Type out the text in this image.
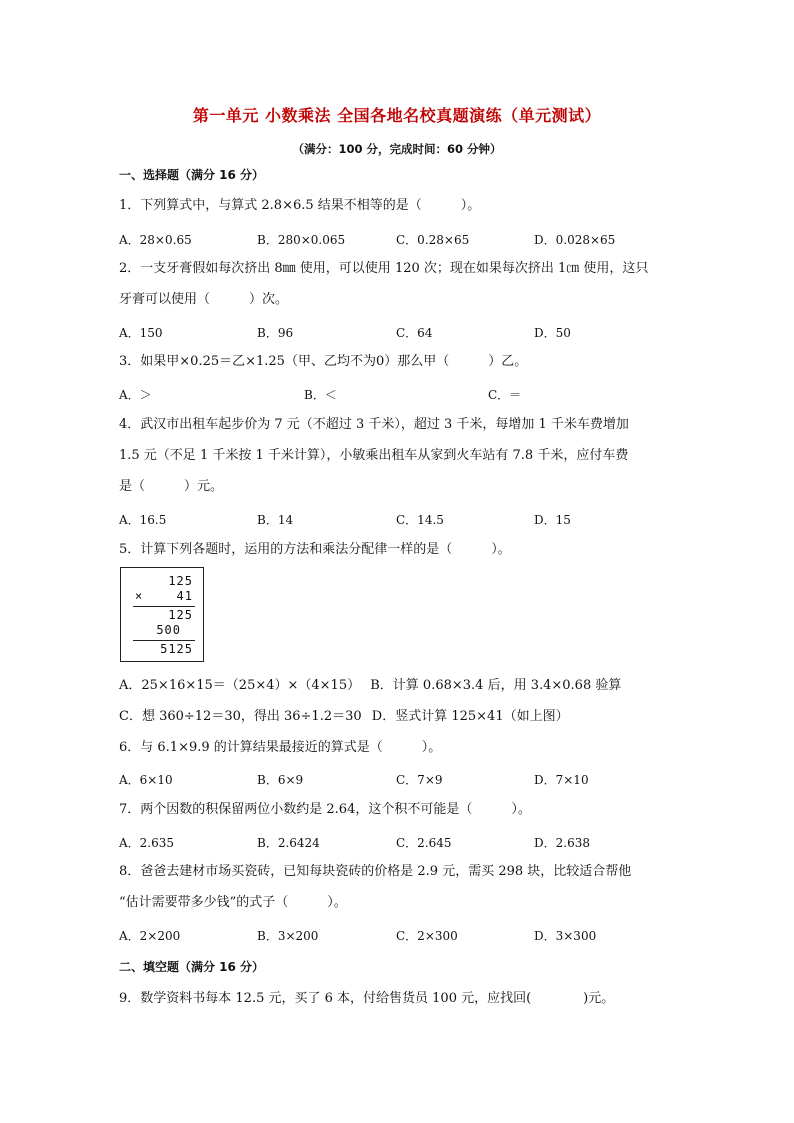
第一单元 小数乘法 全国各地名校真题演练（单元测试）
（满分：100 分，完成时间：60 分钟）
一、选择题（满分 16 分）
1．下列算式中，与算式 2.8×6.5 结果不相等的是（　　　）。
A．28×0.65	B．280×0.065	C．0.28×65	D．0.028×65
2．一支牙膏假如每次挤出 8㎜ 使用，可以使用 120 次；现在如果每次挤出 1㎝ 使用，这只
牙膏可以使用（　　　）次。
A．150	B．96	C．64	D．50
3．如果甲×0.25＝乙×1.25（甲、乙均不为0）那么甲（　　　）乙。
A．＞	B．＜	C．＝
4．武汉市出租车起步价为 7 元（不超过 3 千米），超过 3 千米，每增加 1 千米车费增加
1.5 元（不足 1 千米按 1 千米计算），小敏乘出租车从家到火车站有 7.8 千米，应付车费
是（　　　）元。
A．16.5	B．14	C．14.5	D．15
5．计算下列各题时，运用的方法和乘法分配律一样的是（　　　）。
125
×	41
125
500
5125
A．25×16×15＝（25×4）×（4×15） B．计算 0.68×3.4 后，用 3.4×0.68 验算
C．想 360÷12＝30，得出 36÷1.2＝30 D．竖式计算 125×41（如上图）
6．与 6.1×9.9 的计算结果最接近的算式是（　　　）。
A．6×10	B．6×9	C．7×9	D．7×10
7．两个因数的积保留两位小数约是 2.64，这个积不可能是（　　　）。
A．2.635	B．2.6424	C．2.645	D．2.638
8．爸爸去建材市场买瓷砖，已知每块瓷砖的价格是 2.9 元，需买 298 块，比较适合帮他
“估计需要带多少钱”的式子（　　　）。
A．2×200	B．3×200	C．2×300	D．3×300
二、填空题（满分 16 分）
9．数学资料书每本 12.5 元，买了 6 本，付给售货员 100 元，应找回(　　　　)元。
